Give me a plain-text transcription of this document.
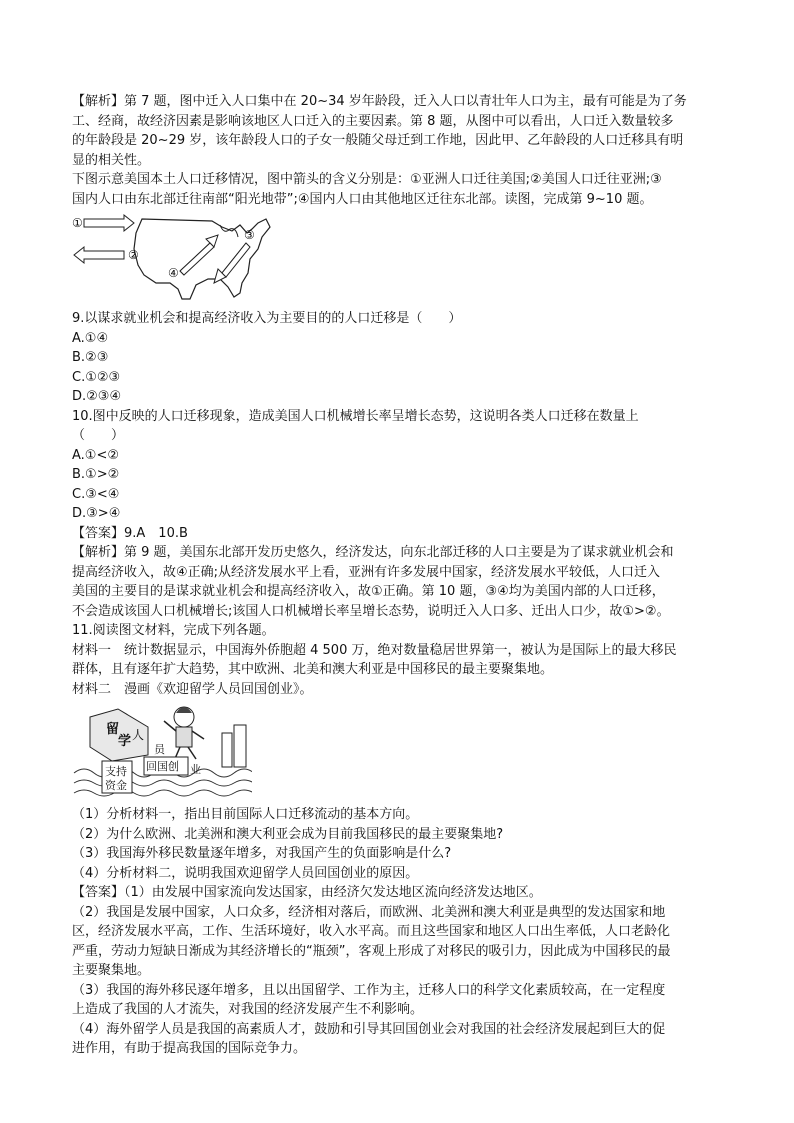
【解析】第 7 题，图中迁入人口集中在 20~34 岁年龄段，迁入人口以青壮年人口为主，最有可能是为了务

工、经商，故经济因素是影响该地区人口迁入的主要因素。第 8 题，从图中可以看出，人口迁入数量较多

的年龄段是 20~29 岁，该年龄段人口的子女一般随父母迁到工作地，因此甲、乙年龄段的人口迁移具有明

显的相关性。

下图示意美国本土人口迁移情况，图中箭头的含义分别是：①亚洲人口迁往美国;②美国人口迁往亚洲;③

国内人口由东北部迁往南部“阳光地带”;④国内人口由其他地区迁往东北部。读图，完成第 9~10 题。

①
②
③
④

9.以谋求就业机会和提高经济收入为主要目的的人口迁移是（　　）

A.①④

B.②③

C.①②③

D.②③④

10.图中反映的人口迁移现象，造成美国人口机械增长率呈增长态势，这说明各类人口迁移在数量上

（　　）

A.①<②

B.①>②

C.③<④

D.③>④

【答案】9.A　10.B

【解析】第 9 题，美国东北部开发历史悠久，经济发达，向东北部迁移的人口主要是为了谋求就业机会和

提高经济收入，故④正确;从经济发展水平上看，亚洲有许多发展中国家，经济发展水平较低，人口迁入

美国的主要目的是谋求就业机会和提高经济收入，故①正确。第 10 题，③④均为美国内部的人口迁移，

不会造成该国人口机械增长;该国人口机械增长率呈增长态势，说明迁入人口多、迁出人口少，故①>②。

11.阅读图文材料，完成下列各题。

材料一　统计数据显示，中国海外侨胞超 4 500 万，绝对数量稳居世界第一，被认为是国际上的最大移民

群体，且有逐年扩大趋势，其中欧洲、北美和澳大利亚是中国移民的最主要聚集地。

材料二　漫画《欢迎留学人员回国创业》。

留
学 人
员
支持
资金
回国创 业

（1）分析材料一，指出目前国际人口迁移流动的基本方向。

（2）为什么欧洲、北美洲和澳大利亚会成为目前我国移民的最主要聚集地?

（3）我国海外移民数量逐年增多，对我国产生的负面影响是什么?

（4）分析材料二，说明我国欢迎留学人员回国创业的原因。

【答案】（1）由发展中国家流向发达国家，由经济欠发达地区流向经济发达地区。

（2）我国是发展中国家，人口众多，经济相对落后，而欧洲、北美洲和澳大利亚是典型的发达国家和地

区，经济发展水平高，工作、生活环境好，收入水平高。而且这些国家和地区人口出生率低，人口老龄化

严重，劳动力短缺日渐成为其经济增长的“瓶颈”，客观上形成了对移民的吸引力，因此成为中国移民的最

主要聚集地。

（3）我国的海外移民逐年增多，且以出国留学、工作为主，迁移人口的科学文化素质较高，在一定程度

上造成了我国的人才流失，对我国的经济发展产生不利影响。

（4）海外留学人员是我国的高素质人才，鼓励和引导其回国创业会对我国的社会经济发展起到巨大的促

进作用，有助于提高我国的国际竞争力。
